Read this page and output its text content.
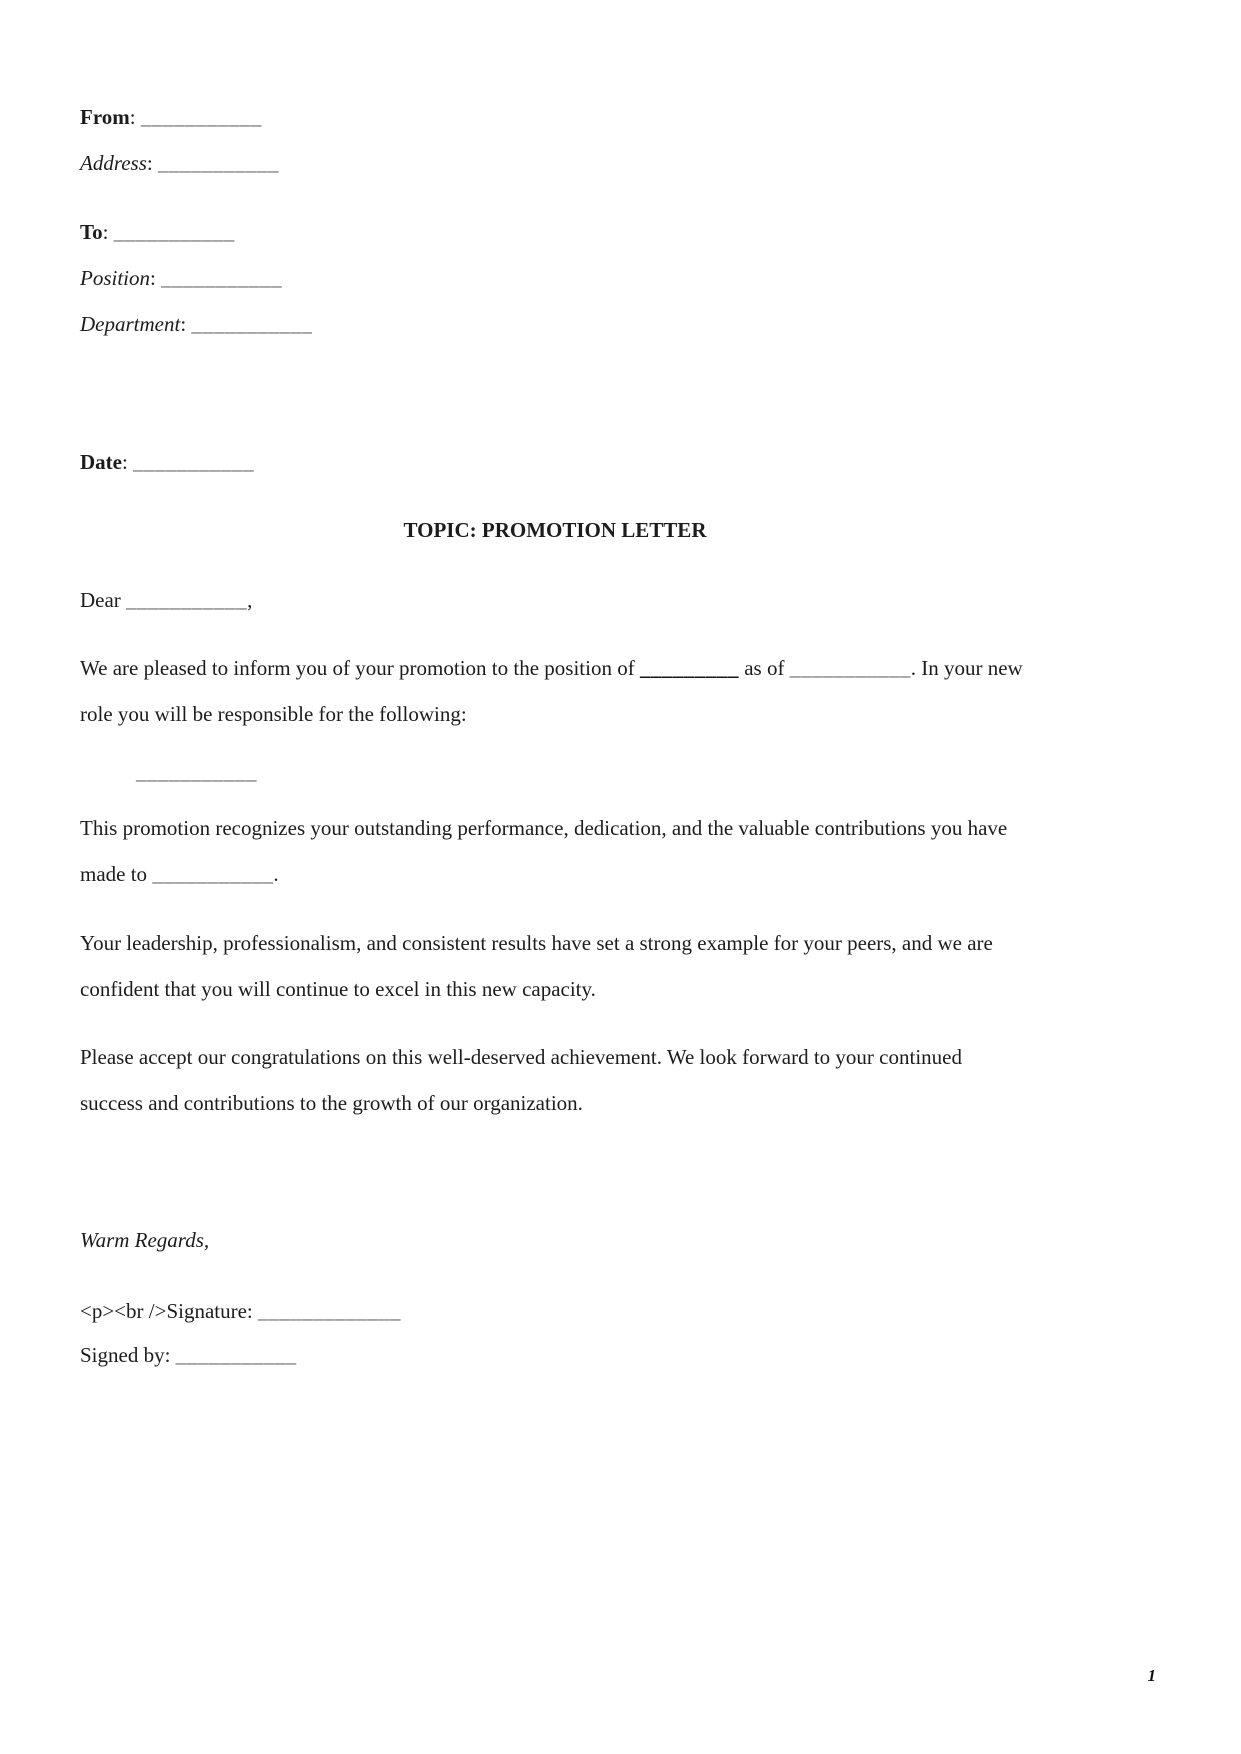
From: ___________
Address: ___________
To: ___________
Position: ___________
Department: ___________
Date: ___________
TOPIC: PROMOTION LETTER
Dear ___________,

We are pleased to inform you of your promotion to the position of _________ as of ___________. In your new role you will be responsible for the following:

___________

This promotion recognizes your outstanding performance, dedication, and the valuable contributions you have made to ___________.

Your leadership, professionalism, and consistent results have set a strong example for your peers, and we are confident that you will continue to excel in this new capacity.

Please accept our congratulations on this well-deserved achievement. We look forward to your continued success and contributions to the growth of our organization.

Warm Regards,
<p><br />Signature: _____________
Signed by: ___________
1
